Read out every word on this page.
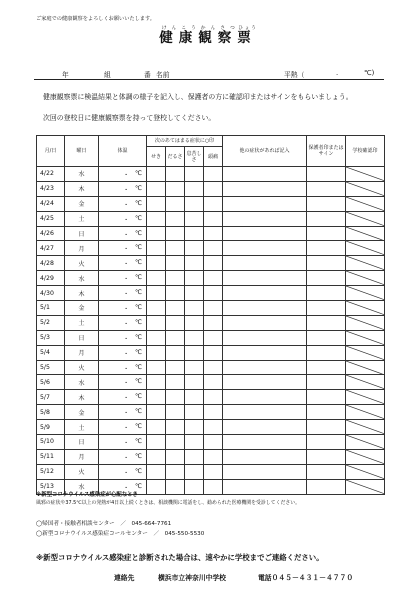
ご家庭での健康観察をよろしくお願いいたします。
健けん康こう観かん察さつ票ひょう
年	組	番 名前	平熱（	.	℃)
健康観察票に検温結果と体調の様子を記入し、保護者の方に確認印またはサインをもらいましょう。
次回の登校日に健康観察票を持って登校してください。
月/日	曜日	体温	次のあてはまる症状に○印				他の症状があれば記入	保護者印または サイン	学校確認印
			せき	だるさ	息苦しさ	頭痛			
4/22	水	・ ℃

4/23	木	・ ℃

4/24	金	・ ℃

4/25	土	・ ℃

4/26	日	・ ℃

4/27	月	・ ℃

4/28	火	・ ℃

4/29	水	・ ℃

4/30	木	・ ℃

5/1	金	・ ℃

5/2	土	・ ℃

5/3	日	・ ℃

5/4	月	・ ℃

5/5	火	・ ℃

5/6	水	・ ℃

5/7	木	・ ℃

5/8	金	・ ℃

5/9	土	・ ℃

5/10	日	・ ℃

5/11	月	・ ℃

5/12	火	・ ℃

5/13	水	・ ℃

※新型コロナウイルス感染症が心配なとき
風邪の症状や37.5℃以上の発熱が4日以上続くときは、相談機関に電話をし、勧められた医療機関を受診してください。
◯帰国者・接触者相談センター　／　045-664-7761
◯新型コロナウイルス感染症コールセンター　／　045-550-5530
※新型コロナウイルス感染症と診断された場合は、速やかに学校までご連絡ください。
連絡先	横浜市立神奈川中学校	電話０４５－４３１－４７７０
